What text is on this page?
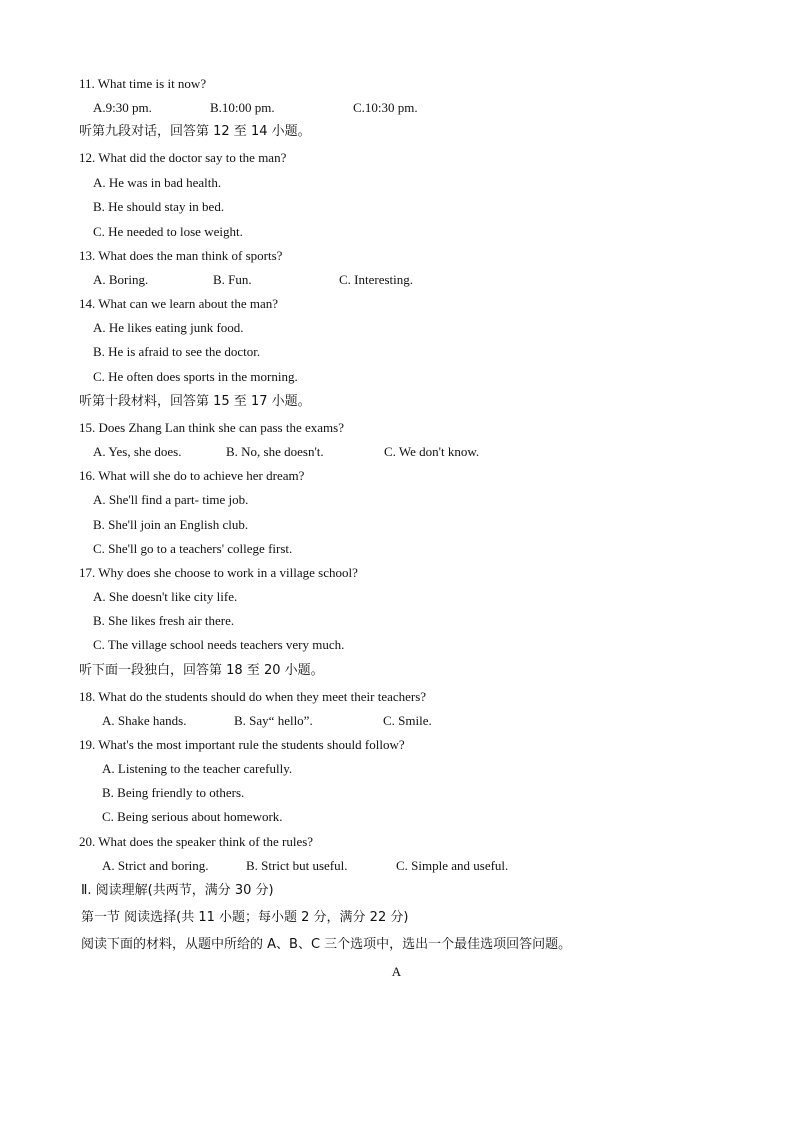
11. What time is it now?
A.9:30 pm.	B.10:00 pm.	C.10:30 pm.
听第九段对话，回答第 12 至 14 小题。
12. What did the doctor say to the man?
A. He was in bad health.
B. He should stay in bed.
C. He needed to lose weight.
13. What does the man think of sports?
A. Boring.	B. Fun.	C. Interesting.
14. What can we learn about the man?
A. He likes eating junk food.
B. He is afraid to see the doctor.
C. He often does sports in the morning.
听第十段材料，回答第 15 至 17 小题。
15. Does Zhang Lan think she can pass the exams?
A. Yes, she does.	B. No, she doesn't.	C. We don't know.
16. What will she do to achieve her dream?
A. She'll find a part- time job.
B. She'll join an English club.
C. She'll go to a teachers' college first.
17. Why does she choose to work in a village school?
A. She doesn't like city life.
B. She likes fresh air there.
C. The village school needs teachers very much.
听下面一段独白，回答第 18 至 20 小题。
18. What do the students should do when they meet their teachers?
A. Shake hands.	B. Say“ hello”.	C. Smile.
19. What's the most important rule the students should follow?
A. Listening to the teacher carefully.
B. Being friendly to others.
C. Being serious about homework.
20. What does the speaker think of the rules?
A. Strict and boring.	B. Strict but useful.	C. Simple and useful.
Ⅱ. 阅读理解(共两节，满分 30 分)
第一节 阅读选择(共 11 小题；每小题 2 分，满分 22 分)
阅读下面的材料，从题中所给的 A、B、C 三个选项中，选出一个最佳选项回答问题。
A
